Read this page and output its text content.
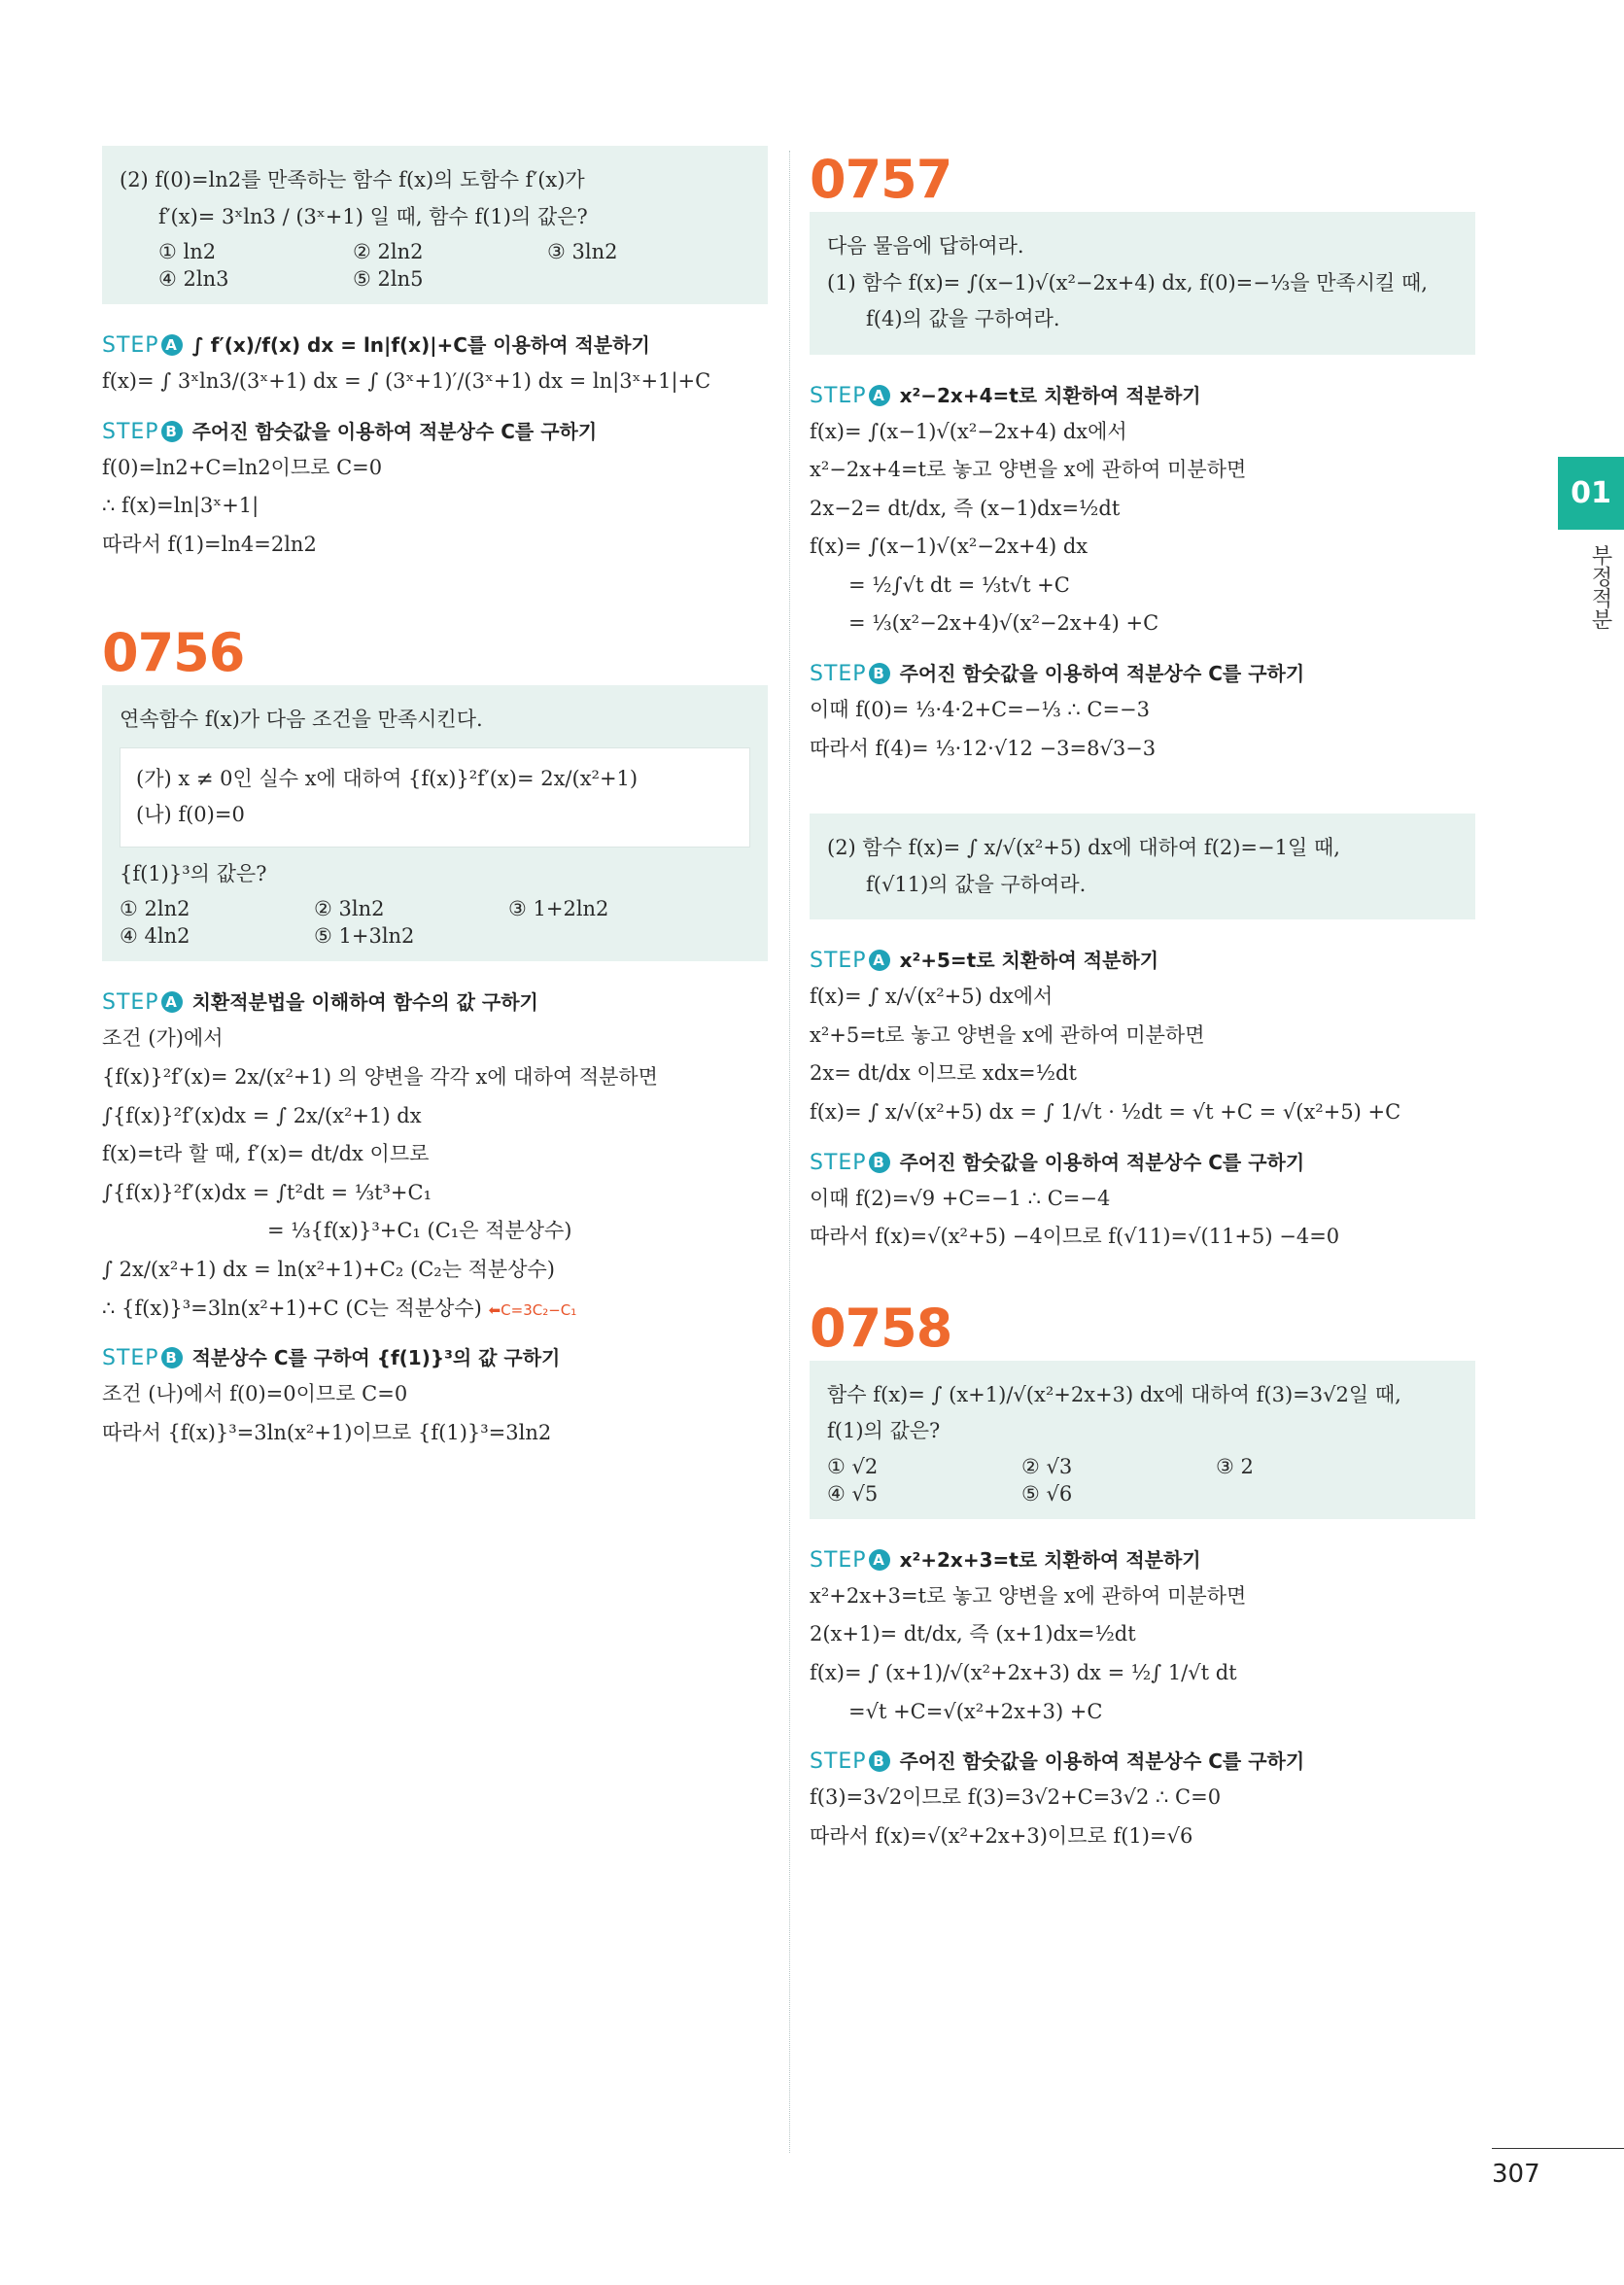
(2) f(0)=ln2를 만족하는 함수 f(x)의 도함수 f′(x)가
f′(x)= 3ˣln3 / (3ˣ+1) 일 때, 함수 f(1)의 값은?
① ln2	② 2ln2	③ 3ln2
④ 2ln3	⑤ 2ln5
STEP A ∫ f′(x)/f(x) dx = ln|f(x)|+C를 이용하여 적분하기
f(x)= ∫ 3ˣln3/(3ˣ+1) dx = ∫ (3ˣ+1)′/(3ˣ+1) dx = ln|3ˣ+1|+C
STEP B 주어진 함숫값을 이용하여 적분상수 C를 구하기
f(0)=ln2+C=ln2이므로 C=0
∴ f(x)=ln|3ˣ+1|
따라서 f(1)=ln4=2ln2
0756
연속함수 f(x)가 다음 조건을 만족시킨다.
(가) x ≠ 0인 실수 x에 대하여 {f(x)}²f′(x)= 2x/(x²+1)
(나) f(0)=0
{f(1)}³의 값은?
① 2ln2	② 3ln2	③ 1+2ln2
④ 4ln2	⑤ 1+3ln2
STEP A 치환적분법을 이해하여 함수의 값 구하기
조건 (가)에서
{f(x)}²f′(x)= 2x/(x²+1) 의 양변을 각각 x에 대하여 적분하면
∫{f(x)}²f′(x)dx = ∫ 2x/(x²+1) dx
f(x)=t라 할 때, f′(x)= dt/dx 이므로
∫{f(x)}²f′(x)dx = ∫t²dt = ⅓t³+C₁
= ⅓{f(x)}³+C₁ (C₁은 적분상수)
∫ 2x/(x²+1) dx = ln(x²+1)+C₂ (C₂는 적분상수)
∴ {f(x)}³=3ln(x²+1)+C (C는 적분상수) ⬅C=3C₂−C₁
STEP B 적분상수 C를 구하여 {f(1)}³의 값 구하기
조건 (나)에서 f(0)=0이므로 C=0
따라서 {f(x)}³=3ln(x²+1)이므로 {f(1)}³=3ln2
0757
다음 물음에 답하여라.
(1) 함수 f(x)= ∫(x−1)√(x²−2x+4) dx, f(0)=−⅓을 만족시킬 때,
f(4)의 값을 구하여라.
STEP A x²−2x+4=t로 치환하여 적분하기
f(x)= ∫(x−1)√(x²−2x+4) dx에서
x²−2x+4=t로 놓고 양변을 x에 관하여 미분하면
2x−2= dt/dx, 즉 (x−1)dx=½dt
f(x)= ∫(x−1)√(x²−2x+4) dx
= ½∫√t dt = ⅓t√t +C
= ⅓(x²−2x+4)√(x²−2x+4) +C
STEP B 주어진 함숫값을 이용하여 적분상수 C를 구하기
이때 f(0)= ⅓·4·2+C=−⅓ ∴ C=−3
따라서 f(4)= ⅓·12·√12 −3=8√3−3
(2) 함수 f(x)= ∫ x/√(x²+5) dx에 대하여 f(2)=−1일 때,
f(√11)의 값을 구하여라.
STEP A x²+5=t로 치환하여 적분하기
f(x)= ∫ x/√(x²+5) dx에서
x²+5=t로 놓고 양변을 x에 관하여 미분하면
2x= dt/dx 이므로 xdx=½dt
f(x)= ∫ x/√(x²+5) dx = ∫ 1/√t · ½dt = √t +C = √(x²+5) +C
STEP B 주어진 함숫값을 이용하여 적분상수 C를 구하기
이때 f(2)=√9 +C=−1 ∴ C=−4
따라서 f(x)=√(x²+5) −4이므로 f(√11)=√(11+5) −4=0
0758
함수 f(x)= ∫ (x+1)/√(x²+2x+3) dx에 대하여 f(3)=3√2일 때,
f(1)의 값은?
① √2	② √3	③ 2
④ √5	⑤ √6
STEP A x²+2x+3=t로 치환하여 적분하기
x²+2x+3=t로 놓고 양변을 x에 관하여 미분하면
2(x+1)= dt/dx, 즉 (x+1)dx=½dt
f(x)= ∫ (x+1)/√(x²+2x+3) dx = ½∫ 1/√t dt
=√t +C=√(x²+2x+3) +C
STEP B 주어진 함숫값을 이용하여 적분상수 C를 구하기
f(3)=3√2이므로 f(3)=3√2+C=3√2 ∴ C=0
따라서 f(x)=√(x²+2x+3)이므로 f(1)=√6
01
부정적분
307
